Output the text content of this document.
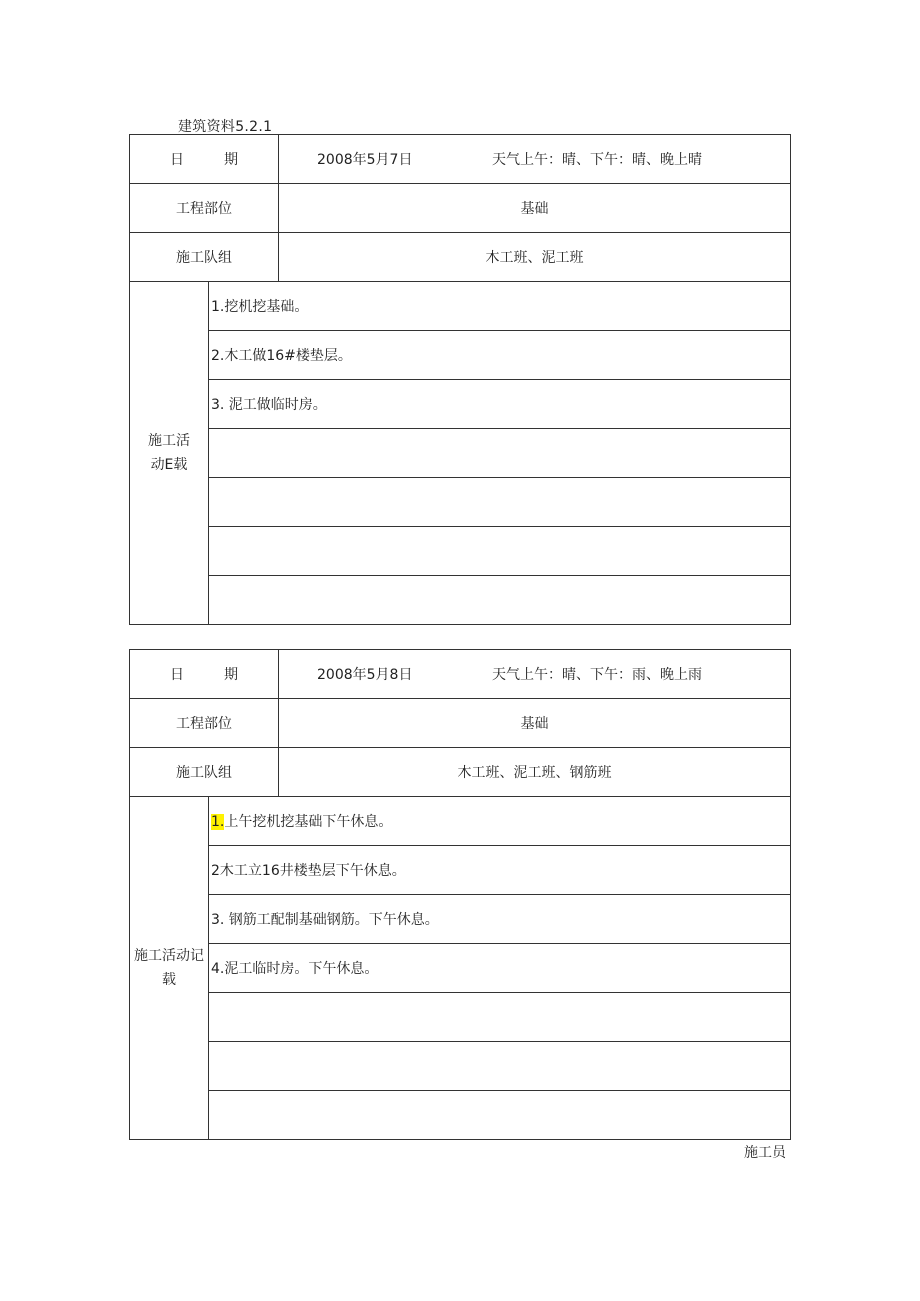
建筑资料5.2.1
日 期		2008年5月7日 天气上午：晴、下午：晴、晚上晴

工程部位		基础
施工队组		木工班、泥工班

施工活
动E载	1.挖机挖基础。	
	2.木工做16#楼垫层。	
	3. 泥工做临时房。	

日 期		2008年5月8日 天气上午：晴、下午：雨、晚上雨

工程部位		基础
施工队组		木工班、泥工班、钢筋班

施工活动记
载	1.上午挖机挖基础下午休息。	
	2木工立16井楼垫层下午休息。	
	3. 钢筋工配制基础钢筋。下午休息。	
	4.泥工临时房。下午休息。	

施工员
